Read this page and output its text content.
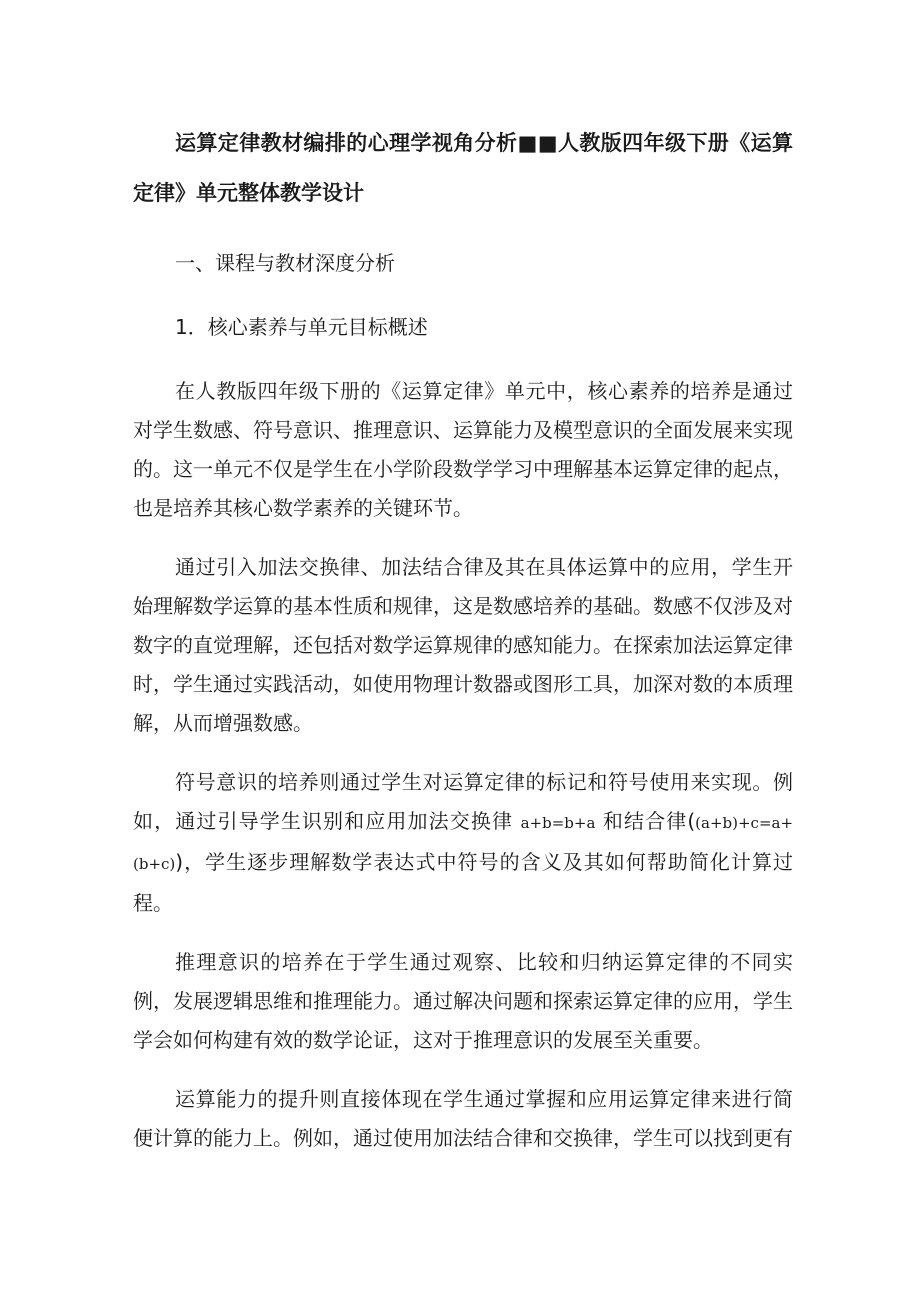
运算定律教材编排的心理学视角分析■■人教版四年级下册《运算定律》单元整体教学设计

一、课程与教材深度分析

1．核心素养与单元目标概述

在人教版四年级下册的《运算定律》单元中，核心素养的培养是通过对学生数感、符号意识、推理意识、运算能力及模型意识的全面发展来实现的。这一单元不仅是学生在小学阶段数学学习中理解基本运算定律的起点，也是培养其核心数学素养的关键环节。

通过引入加法交换律、加法结合律及其在具体运算中的应用，学生开始理解数学运算的基本性质和规律，这是数感培养的基础。数感不仅涉及对数字的直觉理解，还包括对数学运算规律的感知能力。在探索加法运算定律时，学生通过实践活动，如使用物理计数器或图形工具，加深对数的本质理解，从而增强数感。

符号意识的培养则通过学生对运算定律的标记和符号使用来实现。例如，通过引导学生识别和应用加法交换律 a+b=b+a 和结合律((a+b)+c=a+(b+c))，学生逐步理解数学表达式中符号的含义及其如何帮助简化计算过程。

推理意识的培养在于学生通过观察、比较和归纳运算定律的不同实例，发展逻辑思维和推理能力。通过解决问题和探索运算定律的应用，学生学会如何构建有效的数学论证，这对于推理意识的发展至关重要。

运算能力的提升则直接体现在学生通过掌握和应用运算定律来进行简便计算的能力上。例如，通过使用加法结合律和交换律，学生可以找到更有
